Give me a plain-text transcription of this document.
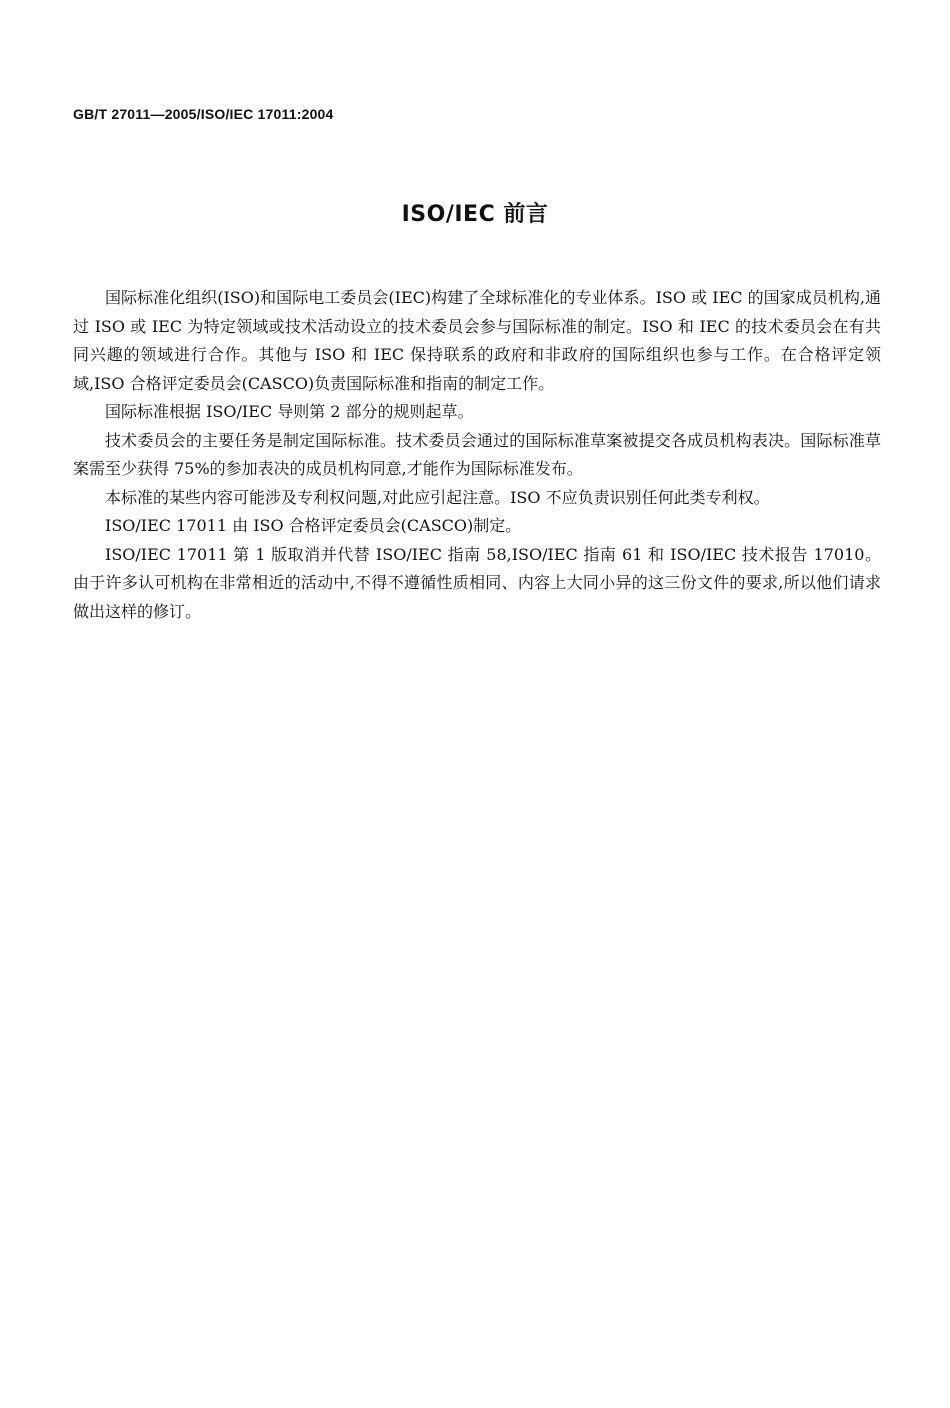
GB/T 27011—2005/ISO/IEC 17011:2004
ISO/IEC 前言

国际标准化组织(ISO)和国际电工委员会(IEC)构建了全球标准化的专业体系。ISO 或 IEC 的国家成员机构,通过 ISO 或 IEC 为特定领域或技术活动设立的技术委员会参与国际标准的制定。ISO 和 IEC 的技术委员会在有共同兴趣的领域进行合作。其他与 ISO 和 IEC 保持联系的政府和非政府的国际组织也参与工作。在合格评定领域,ISO 合格评定委员会(CASCO)负责国际标准和指南的制定工作。

国际标准根据 ISO/IEC 导则第 2 部分的规则起草。

技术委员会的主要任务是制定国际标准。技术委员会通过的国际标准草案被提交各成员机构表决。国际标准草案需至少获得 75%的参加表决的成员机构同意,才能作为国际标准发布。

本标准的某些内容可能涉及专利权问题,对此应引起注意。ISO 不应负责识别任何此类专利权。

ISO/IEC 17011 由 ISO 合格评定委员会(CASCO)制定。

ISO/IEC 17011 第 1 版取消并代替 ISO/IEC 指南 58,ISO/IEC 指南 61 和 ISO/IEC 技术报告 17010。由于许多认可机构在非常相近的活动中,不得不遵循性质相同、内容上大同小异的这三份文件的要求,所以他们请求做出这样的修订。
